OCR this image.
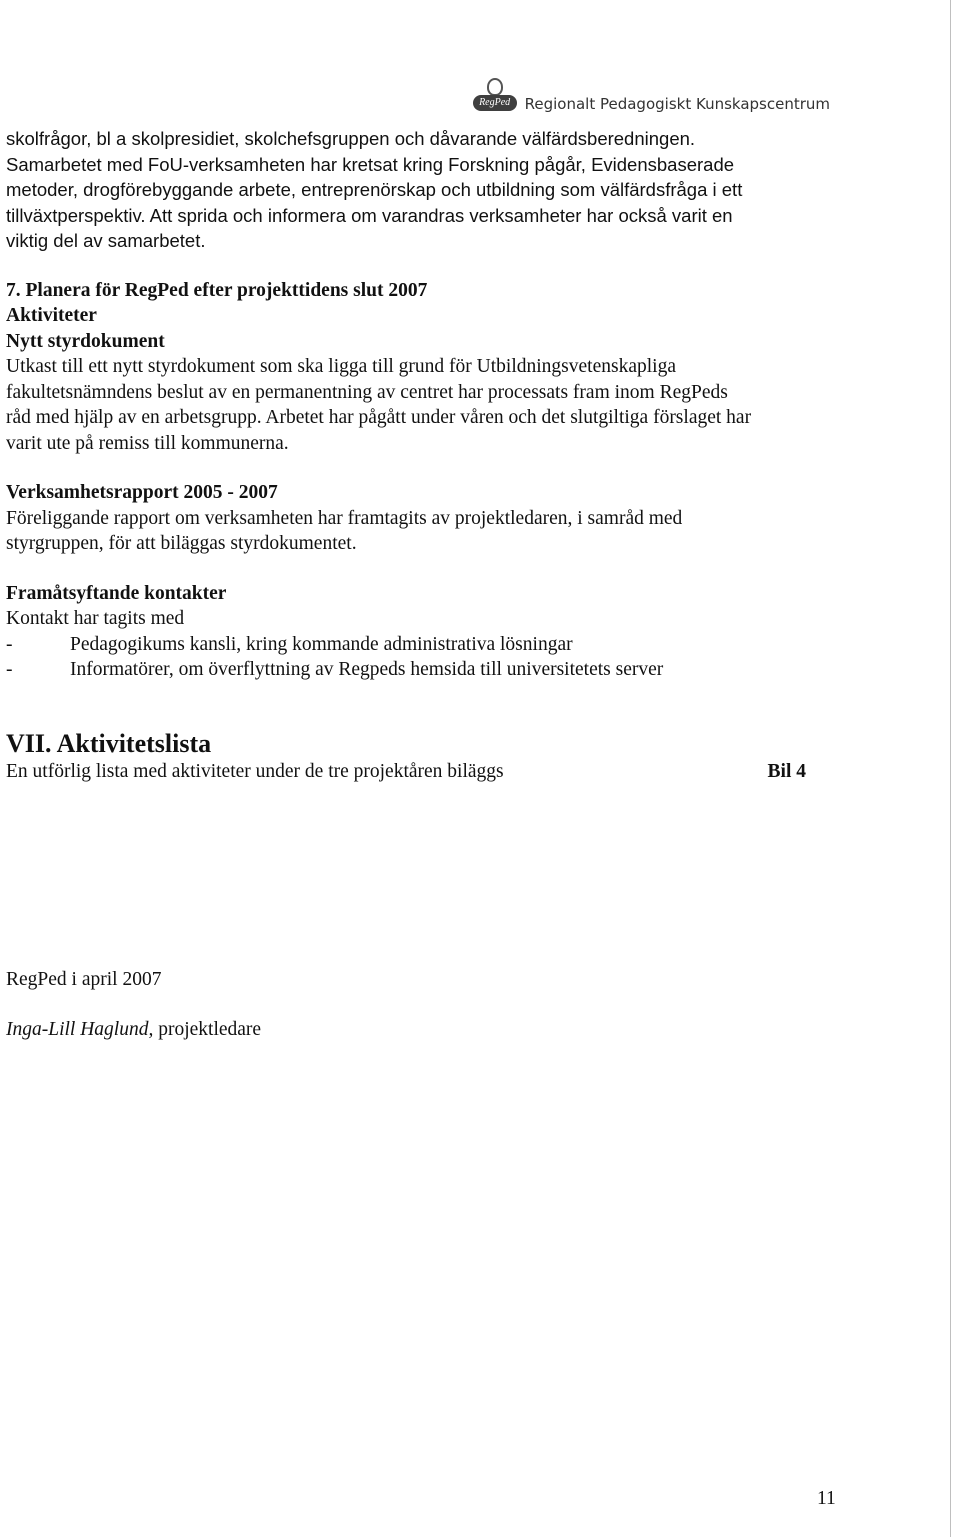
RegPed Regionalt Pedagogiskt Kunskapscentrum

skolfrågor, bl a skolpresidiet, skolchefsgruppen och dåvarande välfärdsberedningen.

Samarbetet med FoU-verksamheten har kretsat kring Forskning pågår, Evidensbaserade

metoder, drogförebyggande arbete, entreprenörskap och utbildning som välfärdsfråga i ett

tillväxtperspektiv. Att sprida och informera om varandras verksamheter har också varit en

viktig del av samarbetet.

7. Planera för RegPed efter projekttidens slut 2007

Aktiviteter

Nytt styrdokument

Utkast till ett nytt styrdokument som ska ligga till grund för Utbildningsvetenskapliga

fakultetsnämndens beslut av en permanentning av centret har processats fram inom RegPeds

råd med hjälp av en arbetsgrupp. Arbetet har pågått under våren och det slutgiltiga förslaget har

varit ute på remiss till kommunerna.

Verksamhetsrapport 2005 - 2007

Föreliggande rapport om verksamheten har framtagits av projektledaren, i samråd med

styrgruppen, för att biläggas styrdokumentet.

Framåtsyftande kontakter

Kontakt har tagits med

-	Pedagogikums kansli, kring kommande administrativa lösningar
-	Informatörer, om överflyttning av Regpeds hemsida till universitetets server

VII. Aktivitetslista

En utförlig lista med aktiviteter under de tre projektåren biläggs	Bil 4

RegPed i april 2007

Inga-Lill Haglund, projektledare

11
